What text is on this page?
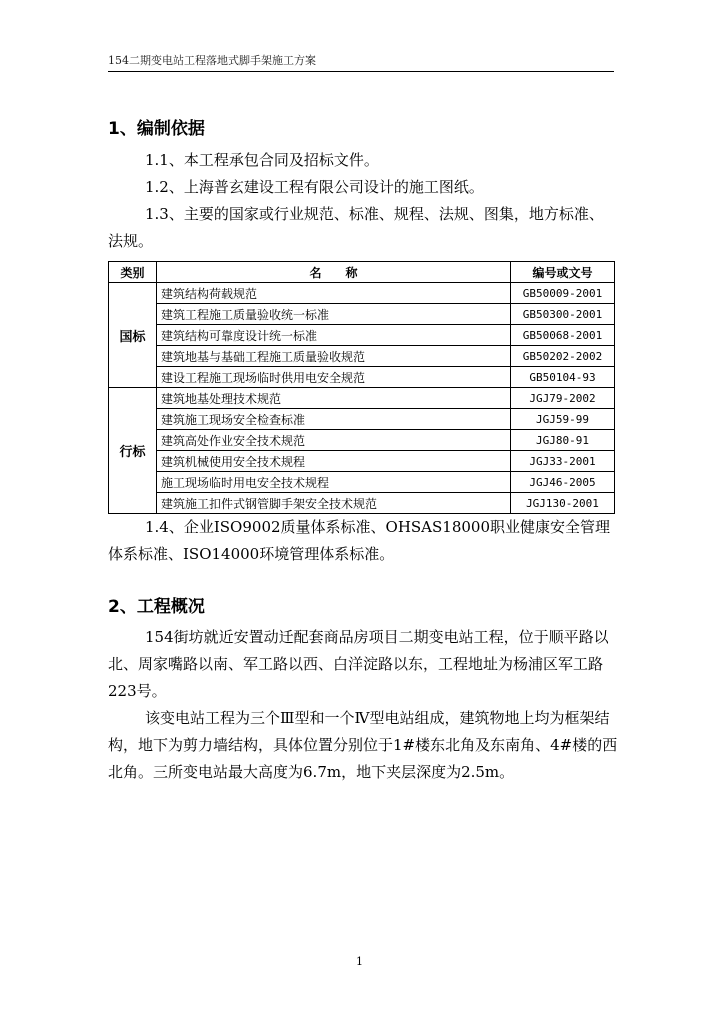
154二期变电站工程落地式脚手架施工方案
1、编制依据
1.1、本工程承包合同及招标文件。
1.2、上海普玄建设工程有限公司设计的施工图纸。
1.3、主要的国家或行业规范、标准、规程、法规、图集，地方标准、法规。
类别	名　　称	编号或文号
国标	建筑结构荷载规范	GB50009-2001
	建筑工程施工质量验收统一标准	GB50300-2001
	建筑结构可靠度设计统一标准	GB50068-2001
	建筑地基与基础工程施工质量验收规范	GB50202-2002
	建设工程施工现场临时供用电安全规范	GB50104-93
行标	建筑地基处理技术规范	JGJ79-2002
	建筑施工现场安全检查标准	JGJ59-99
	建筑高处作业安全技术规范	JGJ80-91
	建筑机械使用安全技术规程	JGJ33-2001
	施工现场临时用电安全技术规程	JGJ46-2005
	建筑施工扣件式钢管脚手架安全技术规范	JGJ130-2001
1.4、企业ISO9002质量体系标准、OHSAS18000职业健康安全管理体系标准、ISO14000环境管理体系标准。
2、工程概况
154街坊就近安置动迁配套商品房项目二期变电站工程，位于顺平路以北、周家嘴路以南、军工路以西、白洋淀路以东，工程地址为杨浦区军工路223号。
该变电站工程为三个Ⅲ型和一个Ⅳ型电站组成，建筑物地上均为框架结构，地下为剪力墙结构，具体位置分别位于1#楼东北角及东南角、4#楼的西北角。三所变电站最大高度为6.7m，地下夹层深度为2.5m。
1
